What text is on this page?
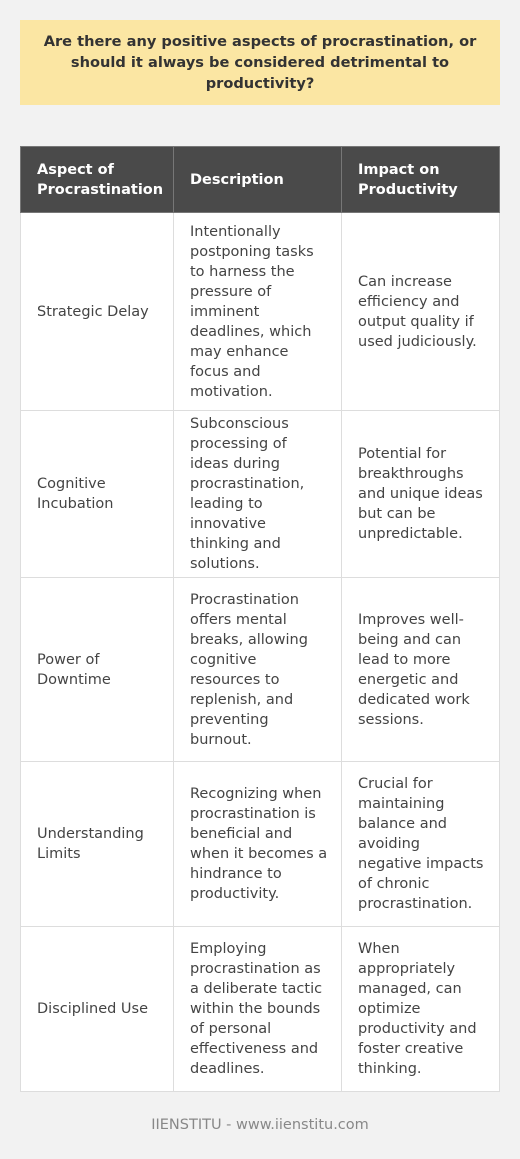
Are there any positive aspects of procrastination, or should it always be considered detrimental to productivity?
Aspect of Procrastination	Description	Impact on Productivity
Strategic Delay	Intentionally postponing tasks to harness the pressure of imminent deadlines, which may enhance focus and motivation.	Can increase efficiency and output quality if used judiciously.
Cognitive Incubation	Subconscious processing of ideas during procrastination, leading to innovative thinking and solutions.	Potential for breakthroughs and unique ideas but can be unpredictable.
Power of Downtime	Procrastination offers mental breaks, allowing cognitive resources to replenish, and preventing burnout.	Improves well-being and can lead to more energetic and dedicated work sessions.
Understanding Limits	Recognizing when procrastination is beneficial and when it becomes a hindrance to productivity.	Crucial for maintaining balance and avoiding negative impacts of chronic procrastination.
Disciplined Use	Employing procrastination as a deliberate tactic within the bounds of personal effectiveness and deadlines.	When appropriately managed, can optimize productivity and foster creative thinking.
IIENSTITU - www.iienstitu.com
